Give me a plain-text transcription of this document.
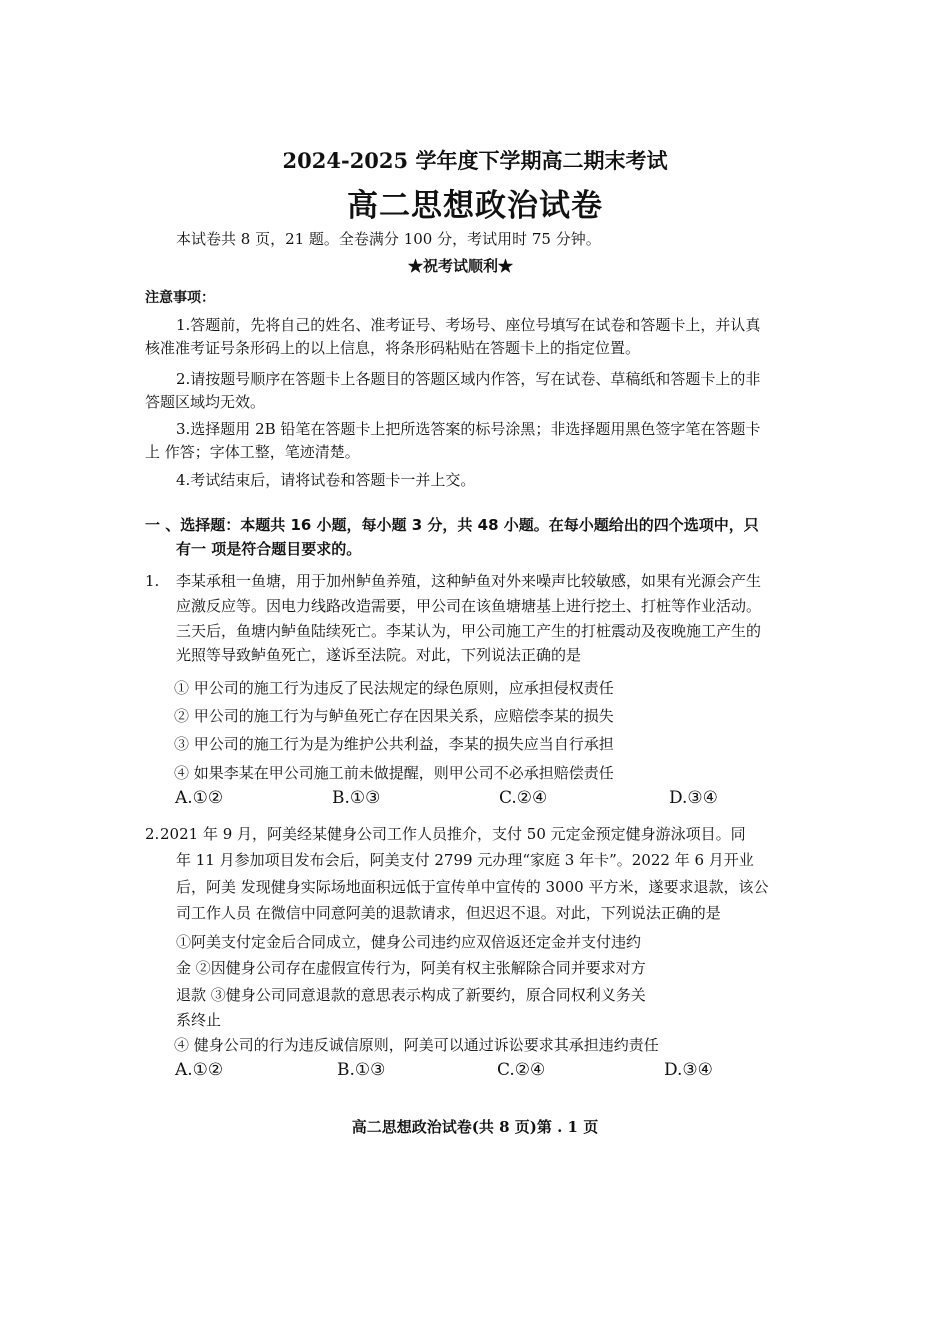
2024-2025 学年度下学期高二期末考试
高二思想政治试卷
本试卷共 8 页，21 题。全卷满分 100 分，考试用时 75 分钟。
★祝考试顺利★
注意事项：
1.答题前，先将自己的姓名、准考证号、考场号、座位号填写在试卷和答题卡上，并认真
核准准考证号条形码上的以上信息，将条形码粘贴在答题卡上的指定位置。
2.请按题号顺序在答题卡上各题目的答题区域内作答，写在试卷、草稿纸和答题卡上的非
答题区域均无效。
3.选择题用 2B 铅笔在答题卡上把所选答案的标号涂黑；非选择题用黑色签字笔在答题卡
上 作答；字体工整，笔迹清楚。
4.考试结束后，请将试卷和答题卡一并上交。
一 、选择题：本题共 16 小题，每小题 3 分，共 48 小题。在每小题给出的四个选项中，只
有一 项是符合题目要求的。
1. 李某承租一鱼塘，用于加州鲈鱼养殖，这种鲈鱼对外来噪声比较敏感，如果有光源会产生
应激反应等。因电力线路改造需要，甲公司在该鱼塘塘基上进行挖土、打桩等作业活动。
三天后，鱼塘内鲈鱼陆续死亡。李某认为，甲公司施工产生的打桩震动及夜晚施工产生的
光照等导致鲈鱼死亡，遂诉至法院。对此，下列说法正确的是
① 甲公司的施工行为违反了民法规定的绿色原则，应承担侵权责任
② 甲公司的施工行为与鲈鱼死亡存在因果关系，应赔偿李某的损失
③ 甲公司的施工行为是为维护公共利益，李某的损失应当自行承担
④ 如果李某在甲公司施工前未做提醒，则甲公司不必承担赔偿责任
A.①②	B.①③	C.②④	D.③④
2. 2021 年 9 月，阿美经某健身公司工作人员推介，支付 50 元定金预定健身游泳项目。同
年 11 月参加项目发布会后，阿美支付 2799 元办理“家庭 3 年卡”。2022 年 6 月开业
后，阿美 发现健身实际场地面积远低于宣传单中宣传的 3000 平方米，遂要求退款，该公
司工作人员 在微信中同意阿美的退款请求，但迟迟不退。对此，下列说法正确的是
①阿美支付定金后合同成立，健身公司违约应双倍返还定金并支付违约
金 ②因健身公司存在虚假宣传行为，阿美有权主张解除合同并要求对方
退款 ③健身公司同意退款的意思表示构成了新要约，原合同权利义务关
系终止
④ 健身公司的行为违反诚信原则，阿美可以通过诉讼要求其承担违约责任
A.①②	B.①③	C.②④	D.③④
高二思想政治试卷(共 8 页)第 . 1 页
